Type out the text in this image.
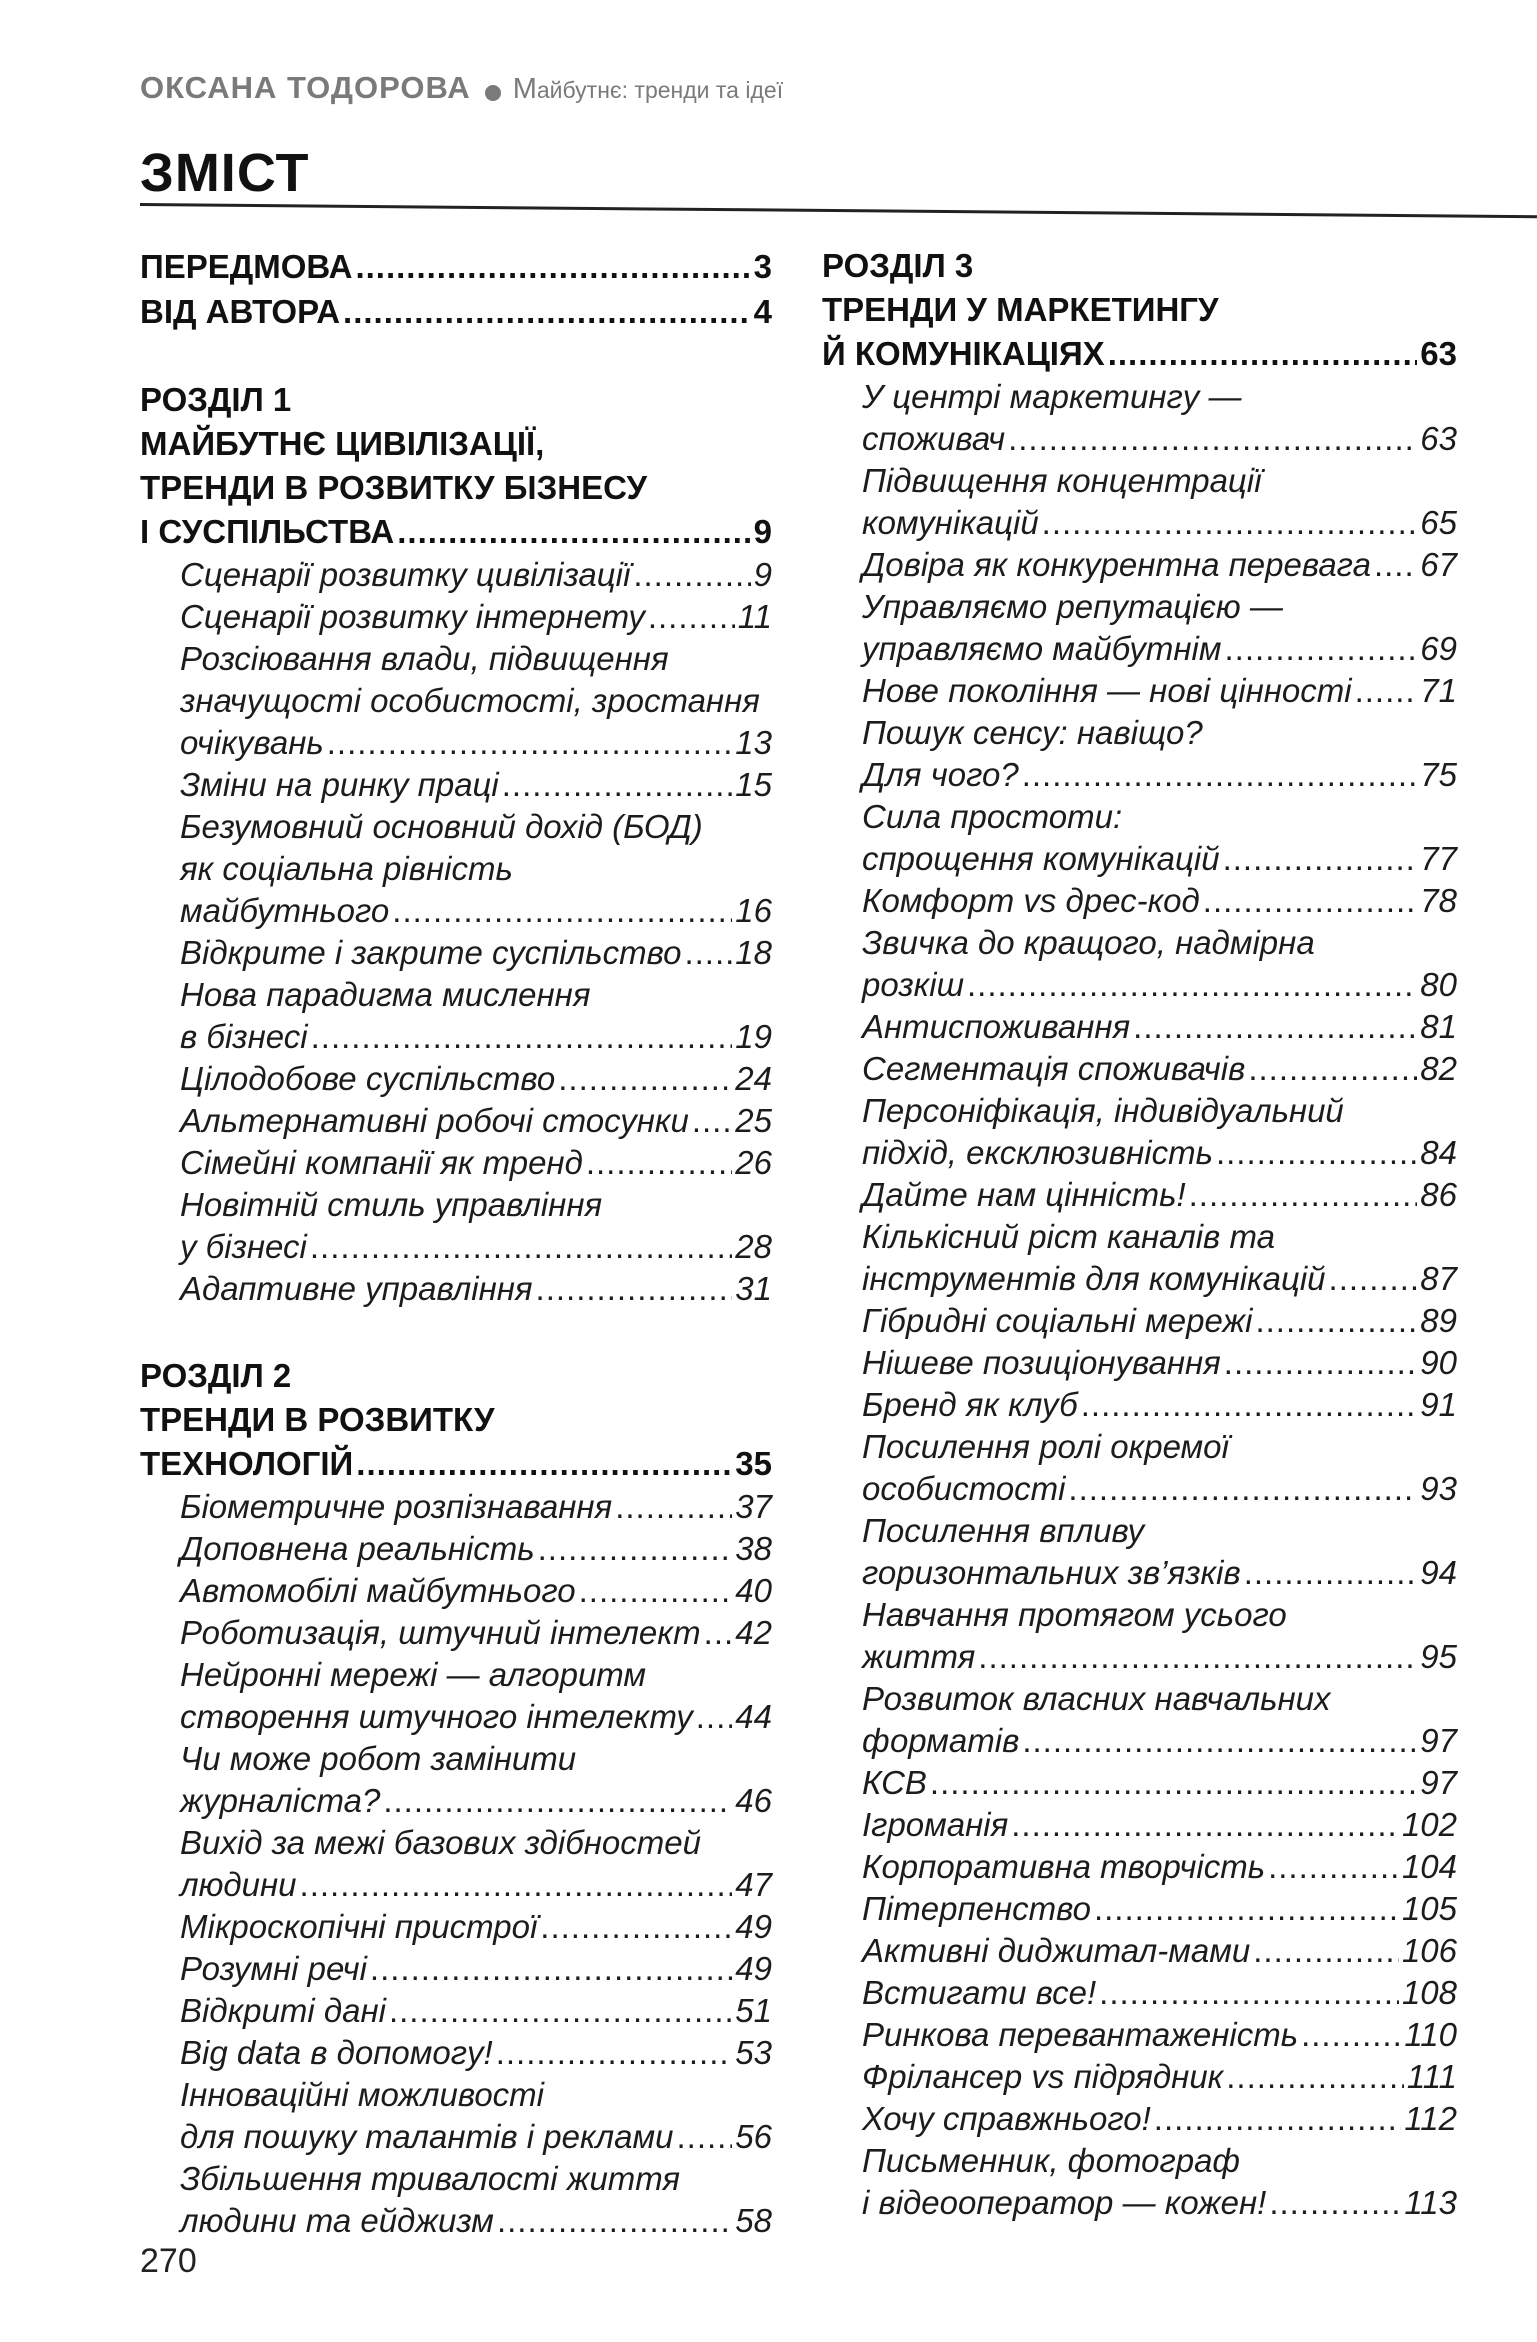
ОКСАНА ТОДОРОВА Майбутнє: тренди та ідеї
ЗМІСТ
ПЕРЕДМОВА .....	3
ВІД АВТОРА .....	4
РОЗДІЛ 1
МАЙБУТНЄ ЦИВІЛІЗАЦІЇ,
ТРЕНДИ В РОЗВИТКУ БІЗНЕСУ
І СУСПІЛЬСТВА .....	9
Сценарії розвитку цивілізації .....	9
Сценарії розвитку інтернету .....	11
Розсіювання влади, підвищення
значущості особистості, зростання
очікувань .....	13
Зміни на ринку праці .....	15
Безумовний основний дохід (БОД)
як соціальна рівність
майбутнього .....	16
Відкрите і закрите суспільство ..... 18
Нова парадигма мислення
в бізнесі .....	19
Цілодобове суспільство .....	24
Альтернативні робочі стосунки ..... 25
Сімейні компанії як тренд .....	26
Новітній стиль управління
у бізнесі .....	28
Адаптивне управління .....	31
РОЗДІЛ 2
ТРЕНДИ В РОЗВИТКУ
ТЕХНОЛОГІЙ .....	35
Біометричне розпізнавання .....	37
Доповнена реальність .....	38
Автомобілі майбутнього .....	40
Роботизація, штучний інтелект ..... 42
Нейронні мережі — алгоритм
створення штучного інтелекту ..... 44
Чи може робот замінити
журналіста? .....	46
Вихід за межі базових здібностей
людини .....	47
Мікроскопічні пристрої .....	49
Розумні речі .....	49
Відкриті дані .....	51
Big data в допомогу! .....	53
Інноваційні можливості
для пошуку талантів і реклами ..... 56
Збільшення тривалості життя
людини та ейджизм .....	58
РОЗДІЛ 3
ТРЕНДИ У МАРКЕТИНГУ
Й КОМУНІКАЦІЯХ .....	63
У центрі маркетингу —
споживач .....	63
Підвищення концентрації
комунікацій .....	65
Довіра як конкурентна перевага ..... 67
Управляємо репутацією —
управляємо майбутнім .....	69
Нове покоління — нові цінності ..... 71
Пошук сенсу: навіщо?
Для чого? .....	75
Сила простоти:
спрощення комунікацій .....	77
Комфорт vs дрес-код .....	78
Звичка до кращого, надмірна
розкіш .....	80
Антиспоживання .....	81
Сегментація споживачів .....	82
Персоніфікація, індивідуальний
підхід, ексклюзивність .....	84
Дайте нам цінність! .....	86
Кількісний ріст каналів та
інструментів для комунікацій .....	87
Гібридні соціальні мережі .....	89
Нішеве позиціонування .....	90
Бренд як клуб .....	91
Посилення ролі окремої
особистості .....	93
Посилення впливу
горизонтальних зв’язків .....	94
Навчання протягом усього
життя .....	95
Розвиток власних навчальних
форматів .....	97
КСВ .....	97
Ігроманія .....	102
Корпоративна творчість .....	104
Пітерпенство .....	105
Активні диджитал-мами .....	106
Встигати все! .....	108
Ринкова перевантаженість .....	110
Фрілансер vs підрядник .....	111
Хочу справжнього! .....	112
Письменник, фотограф
і відеооператор — кожен! .....	113
270
